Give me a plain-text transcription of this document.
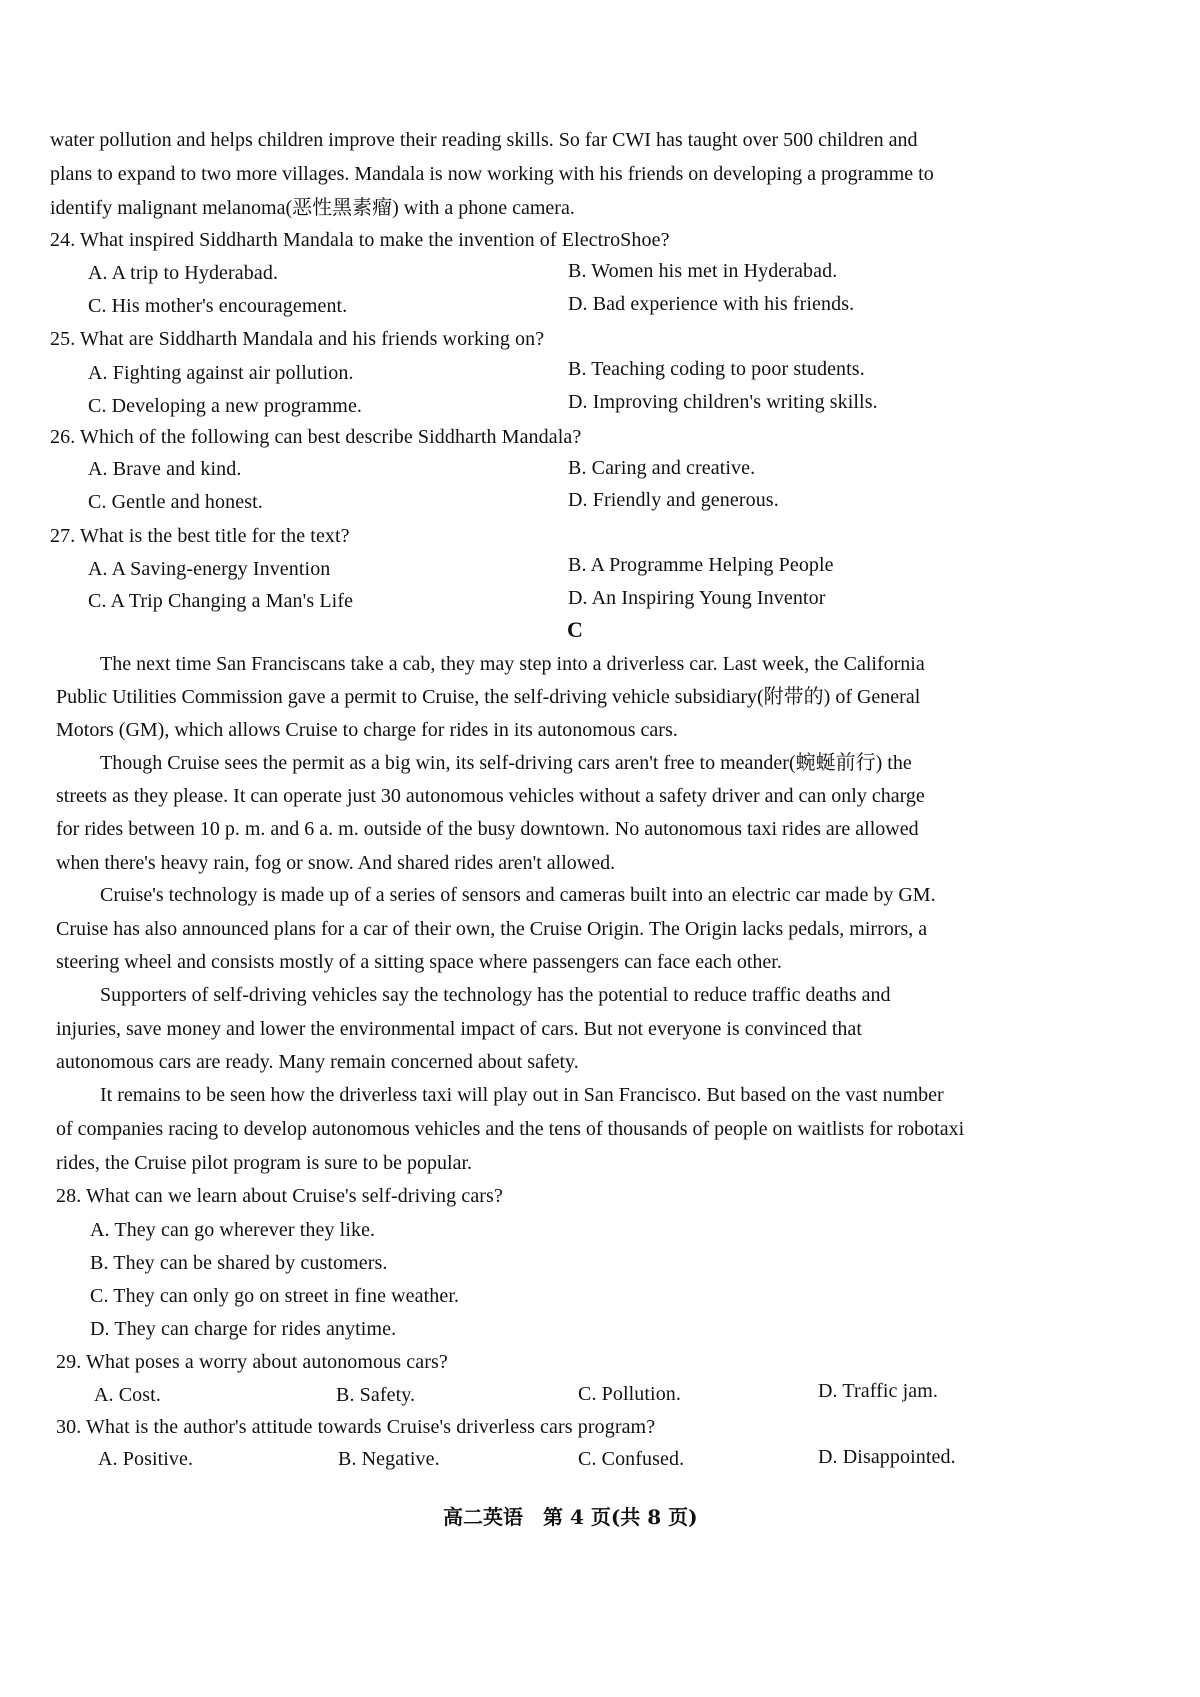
water pollution and helps children improve their reading skills. So far CWI has taught over 500 children and
plans to expand to two more villages. Mandala is now working with his friends on developing a programme to
identify malignant melanoma(恶性黑素瘤) with a phone camera.
24. What inspired Siddharth Mandala to make the invention of ElectroShoe?
A. A trip to Hyderabad.	B. Women his met in Hyderabad.
C. His mother's encouragement.	D. Bad experience with his friends.
25. What are Siddharth Mandala and his friends working on?
A. Fighting against air pollution.	B. Teaching coding to poor students.
C. Developing a new programme.	D. Improving children's writing skills.
26. Which of the following can best describe Siddharth Mandala?
A. Brave and kind.	B. Caring and creative.
C. Gentle and honest.	D. Friendly and generous.
27. What is the best title for the text?
A. A Saving-energy Invention	B. A Programme Helping People
C. A Trip Changing a Man's Life	D. An Inspiring Young Inventor
C
The next time San Franciscans take a cab, they may step into a driverless car. Last week, the California
Public Utilities Commission gave a permit to Cruise, the self-driving vehicle subsidiary(附带的) of General
Motors (GM), which allows Cruise to charge for rides in its autonomous cars.
Though Cruise sees the permit as a big win, its self-driving cars aren't free to meander(蜿蜒前行) the
streets as they please. It can operate just 30 autonomous vehicles without a safety driver and can only charge
for rides between 10 p. m. and 6 a. m. outside of the busy downtown. No autonomous taxi rides are allowed
when there's heavy rain, fog or snow. And shared rides aren't allowed.
Cruise's technology is made up of a series of sensors and cameras built into an electric car made by GM.
Cruise has also announced plans for a car of their own, the Cruise Origin. The Origin lacks pedals, mirrors, a
steering wheel and consists mostly of a sitting space where passengers can face each other.
Supporters of self-driving vehicles say the technology has the potential to reduce traffic deaths and
injuries, save money and lower the environmental impact of cars. But not everyone is convinced that
autonomous cars are ready. Many remain concerned about safety.
It remains to be seen how the driverless taxi will play out in San Francisco. But based on the vast number
of companies racing to develop autonomous vehicles and the tens of thousands of people on waitlists for robotaxi
rides, the Cruise pilot program is sure to be popular.
28. What can we learn about Cruise's self-driving cars?
A. They can go wherever they like.
B. They can be shared by customers.
C. They can only go on street in fine weather.
D. They can charge for rides anytime.
29. What poses a worry about autonomous cars?
A. Cost.	B. Safety.	C. Pollution.	D. Traffic jam.
30. What is the author's attitude towards Cruise's driverless cars program?
A. Positive.	B. Negative.	C. Confused.	D. Disappointed.
高二英语　第 4 页(共 8 页)
